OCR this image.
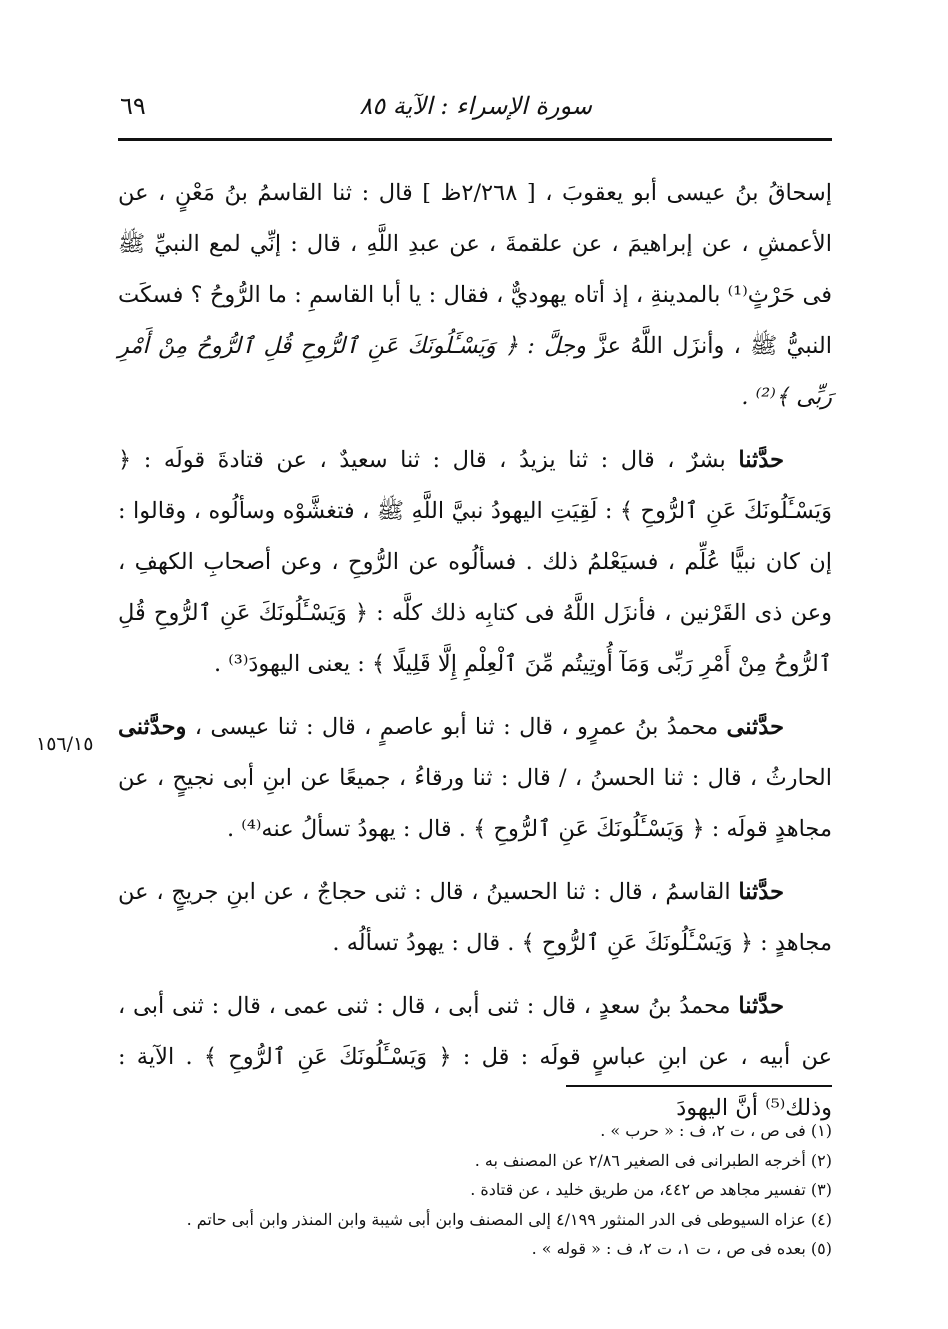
سورة الإسراء : الآية ٨٥
٦٩

إسحاقُ بنُ عيسى أبو يعقوبَ ، [ ٢/٢٦٨ظ ] قال : ثنا القاسمُ بنُ مَعْنٍ ، عن الأعمشِ ، عن إبراهيمَ ، عن علقمةَ ، عن عبدِ اللَّهِ ، قال : إنِّي لمع النبيِّ ﷺ فى حَرْثٍ⁽¹⁾ بالمدينةِ ، إذ أتاه يهوديٌّ ، فقال : يا أبا القاسمِ : ما الرُّوحُ ؟ فسكَت النبيُّ ﷺ ، وأنزَل اللَّهُ عزَّ وجلَّ : ﴿ وَيَسْـَٔلُونَكَ عَنِ ٱلرُّوحِ قُلِ ٱلرُّوحُ مِنْ أَمْرِ رَبِّى ﴾⁽²⁾ .

حدَّثنا بشرٌ ، قال : ثنا يزيدُ ، قال : ثنا سعيدٌ ، عن قتادةَ قولَه : ﴿ وَيَسْـَٔلُونَكَ عَنِ ٱلرُّوحِ ﴾ : لَقِيَتِ اليهودُ نبيَّ اللَّهِ ﷺ ، فتغشَّوْه وسألُوه ، وقالوا : إن كان نبيًّا عُلِّم ، فسيَعْلمُ ذلك . فسألُوه عن الرُّوحِ ، وعن أصحابِ الكهفِ ، وعن ذى القَرْنين ، فأنزَل اللَّهُ فى كتابِه ذلك كلَّه : ﴿ وَيَسْـَٔلُونَكَ عَنِ ٱلرُّوحِ قُلِ ٱلرُّوحُ مِنْ أَمْرِ رَبِّى وَمَآ أُوتِيتُم مِّنَ ٱلْعِلْمِ إِلَّا قَلِيلًا ﴾ : يعنى اليهودَ⁽³⁾ .

حدَّثنى محمدُ بنُ عمرٍو ، قال : ثنا أبو عاصمٍ ، قال : ثنا عيسى ، وحدَّثنى الحارثُ ، قال : ثنا الحسنُ ، / قال : ثنا ورقاءُ ، جميعًا عن ابنِ أبى نجيحٍ ، عن مجاهدٍ قولَه : ﴿ وَيَسْـَٔلُونَكَ عَنِ ٱلرُّوحِ ﴾ . قال : يهودُ تسألُ عنه⁽⁴⁾ .

حدَّثنا القاسمُ ، قال : ثنا الحسينُ ، قال : ثنى حجاجٌ ، عن ابنِ جريجٍ ، عن مجاهدٍ : ﴿ وَيَسْـَٔلُونَكَ عَنِ ٱلرُّوحِ ﴾ . قال : يهودُ تسألُه .

حدَّثنا محمدُ بنُ سعدٍ ، قال : ثنى أبى ، قال : ثنى عمى ، قال : ثنى أبى ، عن أبيه ، عن ابنِ عباسٍ قولَه : قل : ﴿ وَيَسْـَٔلُونَكَ عَنِ ٱلرُّوحِ ﴾ . الآية : وذلك⁽⁵⁾ أنَّ اليهودَ

١٥٦/١٥
(١) فى ص ، ت ٢، ف : « حرب » .
(٢) أخرجه الطبرانى فى الصغير ٢/٨٦ عن المصنف به .
(٣) تفسير مجاهد ص ٤٤٢، من طريق خليد ، عن قتادة .
(٤) عزاه السيوطى فى الدر المنثور ٤/١٩٩ إلى المصنف وابن أبى شيبة وابن المنذر وابن أبى حاتم .
(٥) بعده فى ص ، ت ١، ت ٢، ف : « قوله » .
